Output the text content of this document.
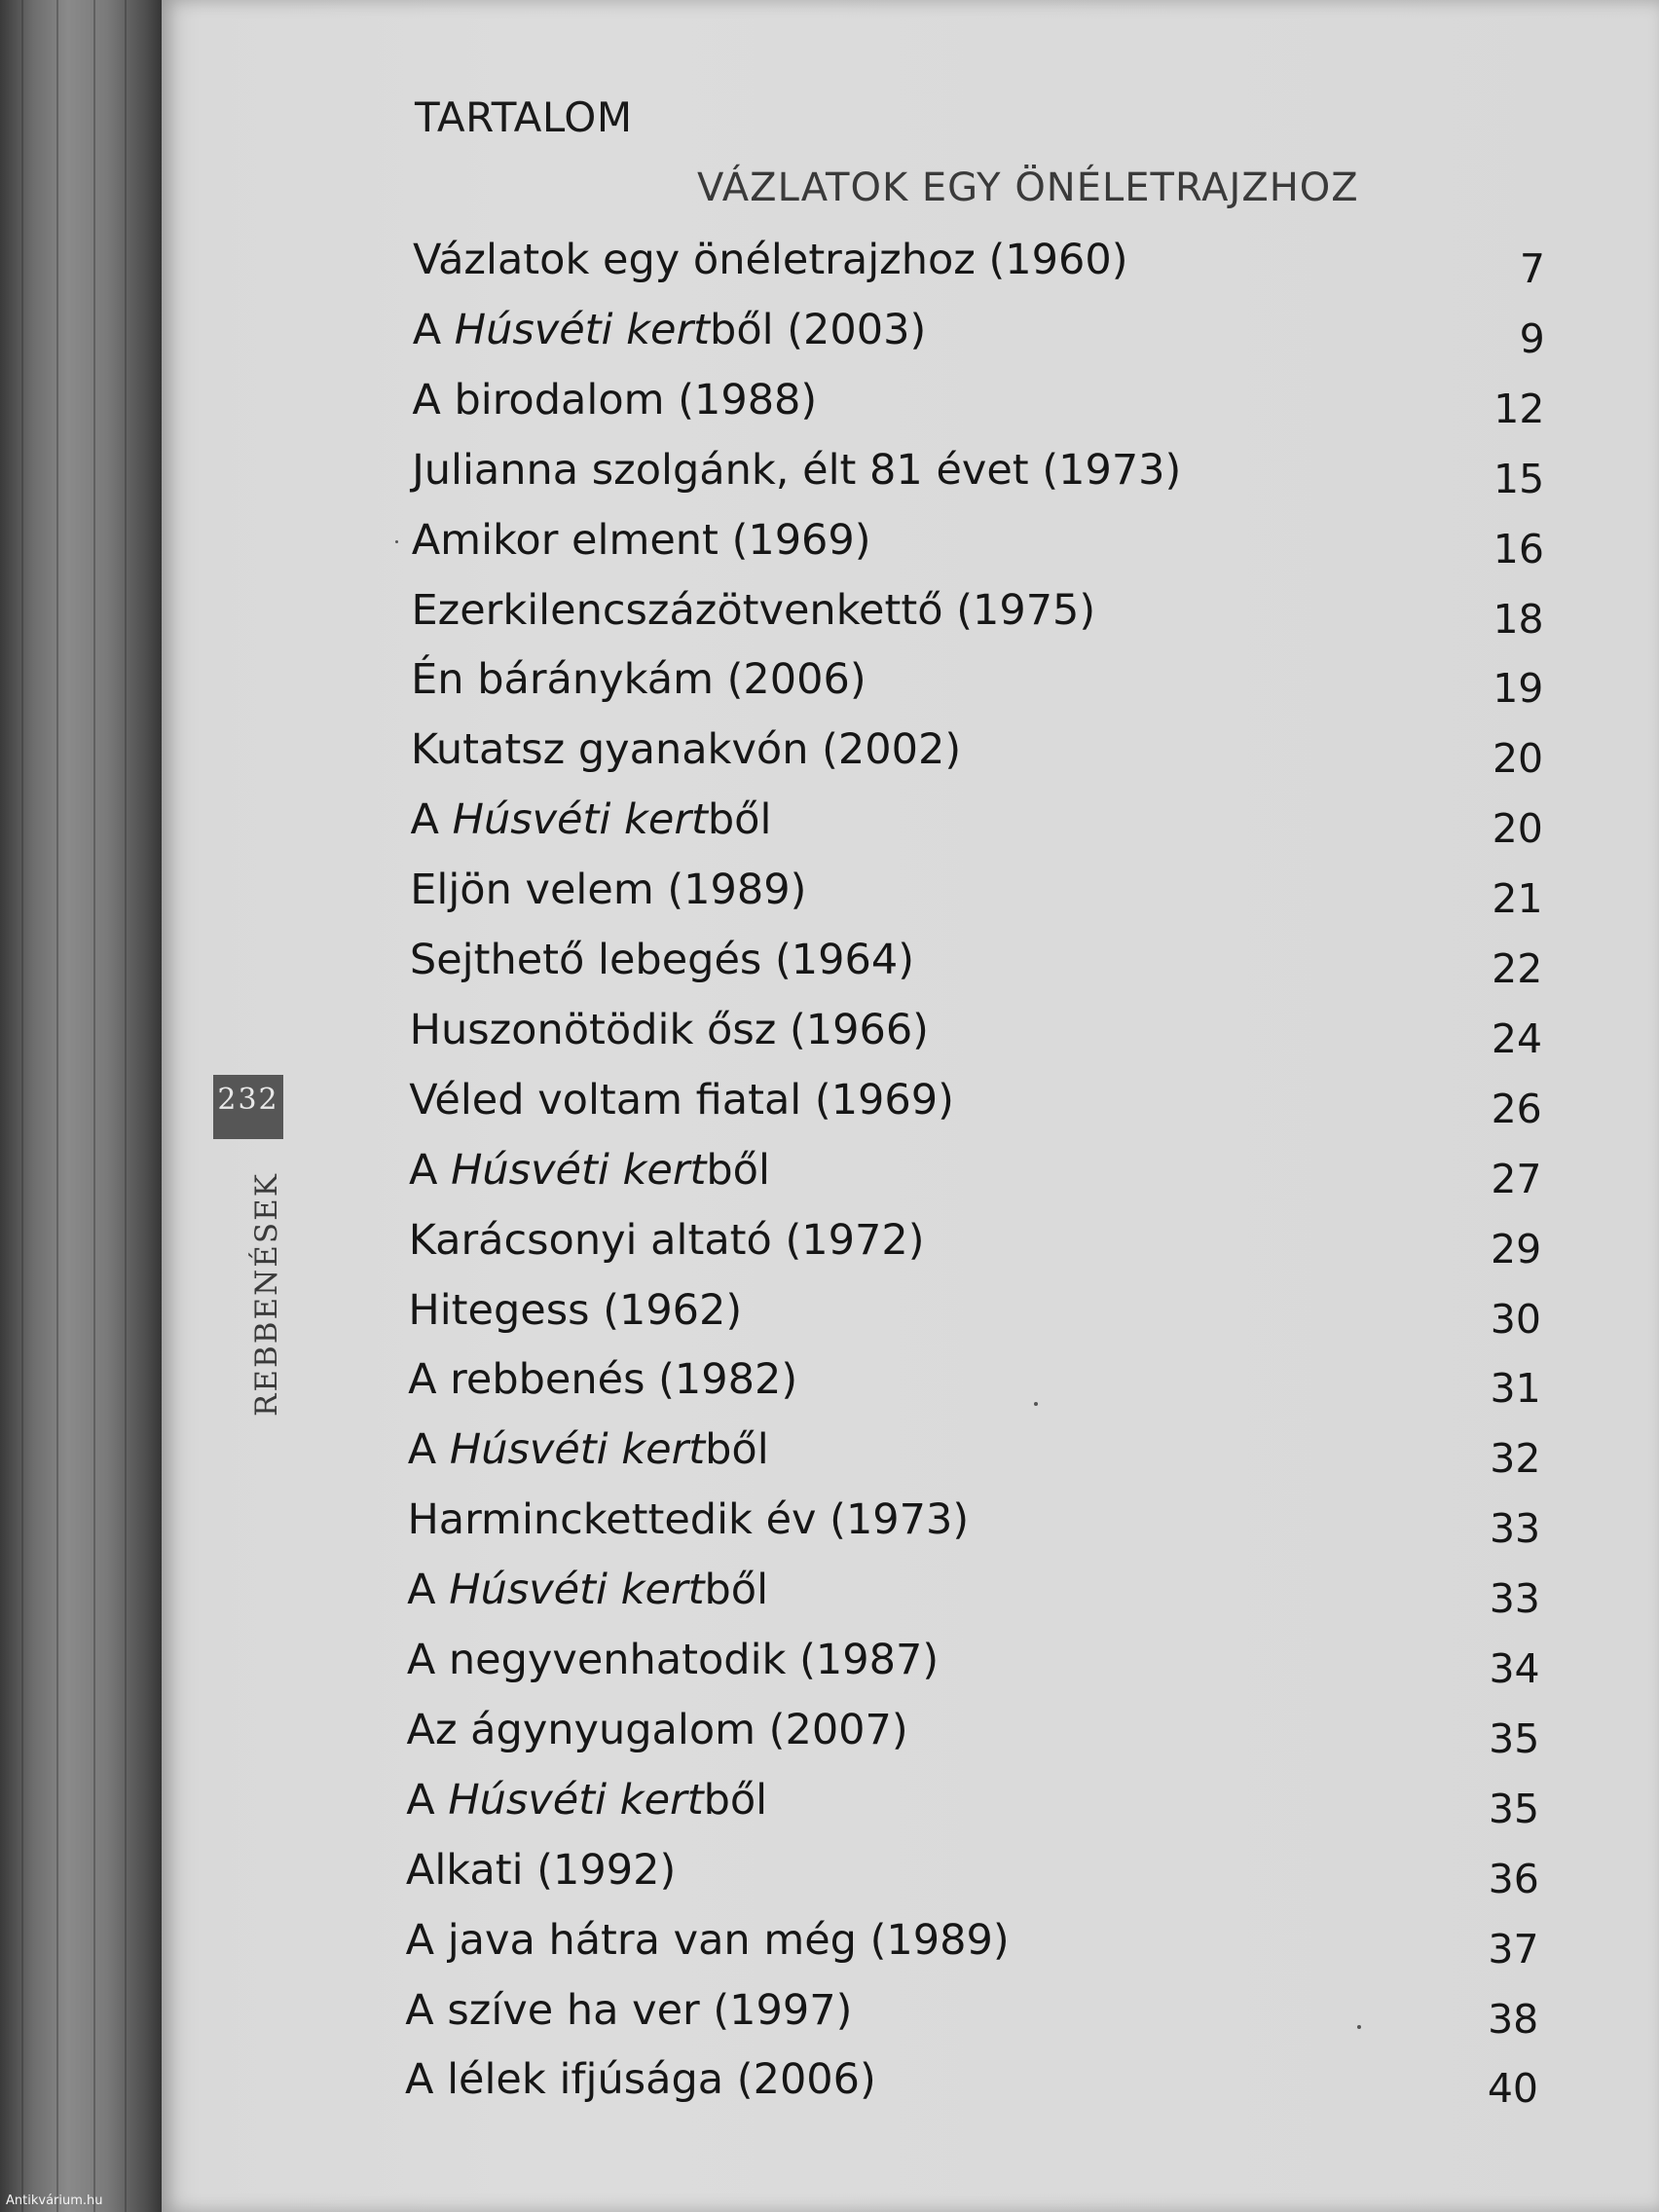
TARTALOM
VÁZLATOK EGY ÖNÉLETRAJZHOZ
Vázlatok egy önéletrajzhoz (1960)	7
A Húsvéti kertből (2003)	9
A birodalom (1988)	12
Julianna szolgánk, élt 81 évet (1973)	15
Amikor elment (1969)	16
Ezerkilencszázötvenkettő (1975)	18
Én báránykám (2006)	19
Kutatsz gyanakvón (2002)	20
A Húsvéti kertből	20
Eljön velem (1989)	21
Sejthető lebegés (1964)	22
Huszonötödik ősz (1966)	24
Véled voltam fiatal (1969)	26
A Húsvéti kertből	27
Karácsonyi altató (1972)	29
Hitegess (1962)	30
A rebbenés (1982)	31
A Húsvéti kertből	32
Harminckettedik év (1973)	33
A Húsvéti kertből	33
A negyvenhatodik (1987)	34
Az ágynyugalom (2007)	35
A Húsvéti kertből	35
Alkati (1992)	36
A java hátra van még (1989)	37
A szíve ha ver (1997)	38
A lélek ifjúsága (2006)	40
232
REBBENÉSEK
Antikvárium.hu
